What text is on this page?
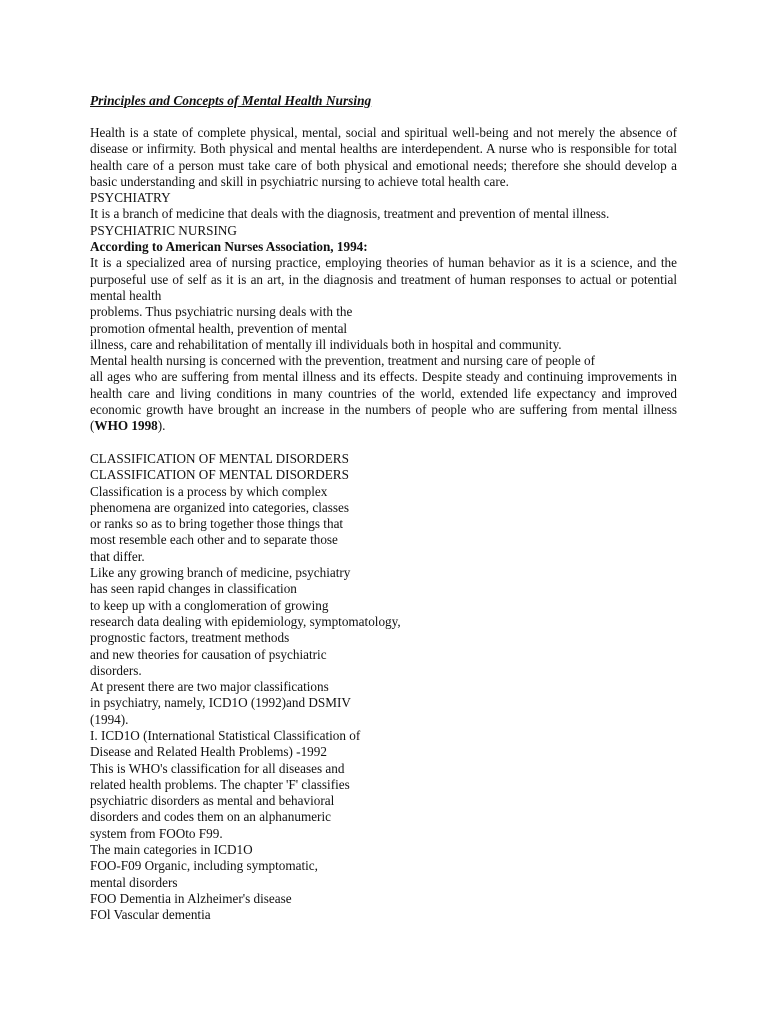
Principles and Concepts of Mental Health Nursing
Health is a state of complete physical, mental, social and spiritual well-being and not merely the absence of disease or infirmity. Both physical and mental healths are interdependent. A nurse who is responsible for total health care of a person must take care of both physical and emotional needs; therefore she should develop a basic understanding and skill in psychiatric nursing to achieve total health care.
PSYCHIATRY
It is a branch of medicine that deals with the diagnosis, treatment and prevention of mental illness.
PSYCHIATRIC NURSING
According to American Nurses Association, 1994:
It is a specialized area of nursing practice, employing theories of human behavior as it is a science, and the purposeful use of self as it is an art, in the diagnosis and treatment of human responses to actual or potential mental health
problems. Thus psychiatric nursing deals with the
promotion ofmental health, prevention of mental
illness, care and rehabilitation of mentally ill individuals both in hospital and community.
Mental health nursing is concerned with the prevention, treatment and nursing care of people of
all ages who are suffering from mental illness and its effects. Despite steady and continuing improvements in health care and living conditions in many countries of the world, extended life expectancy and improved economic growth have brought an increase in the numbers of people who are suffering from mental illness (WHO 1998).
CLASSIFICATION OF MENTAL DISORDERS
CLASSIFICATION OF MENTAL DISORDERS
Classification is a process by which complex
phenomena are organized into categories, classes
or ranks so as to bring together those things that
most resemble each other and to separate those
that differ.
Like any growing branch of medicine, psychiatry
has seen rapid changes in classification
to keep up with a conglomeration of growing
research data dealing with epidemiology, symptomatology,
prognostic factors, treatment methods
and new theories for causation of psychiatric
disorders.
At present there are two major classifications
in psychiatry, namely, ICD1O (1992)and DSMIV
(1994).
I. ICD1O (International Statistical Classification of
Disease and Related Health Problems) -1992
This is WHO's classification for all diseases and
related health problems. The chapter 'F' classifies
psychiatric disorders as mental and behavioral
disorders and codes them on an alphanumeric
system from FOOto F99.
The main categories in ICD1O
FOO-F09 Organic, including symptomatic,
mental disorders
FOO Dementia in Alzheimer's disease
FOl Vascular dementia
